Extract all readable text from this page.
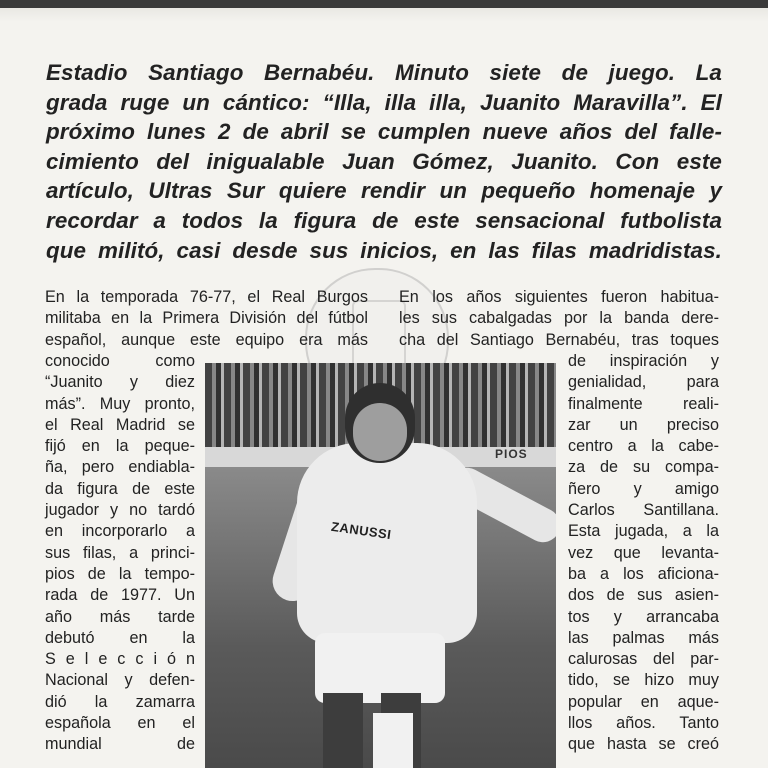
Estadio Santiago Bernabéu. Minuto siete de juego. La
grada ruge un cántico: “Illa, illa illa, Juanito Maravilla”. El
próximo lunes 2 de abril se cumplen nueve años del falle-
cimiento del inigualable Juan Gómez, Juanito. Con este
artículo, Ultras Sur quiere rendir un pequeño homenaje y
recordar a todos la figura de este sensacional futbolista
que militó, casi desde sus inicios, en las filas madridistas.
En la temporada 76-77, el Real Burgos
militaba en la Primera División del fútbol
español, aunque este equipo era más
conocido como
“Juanito y diez
más”. Muy pronto,
el Real Madrid se
fijó en la peque-
ña, pero endiabla-
da figura de este
jugador y no tardó
en incorporarlo a
sus filas, a princi-
pios de la tempo-
rada de 1977. Un
año más tarde
debutó en la
S e l e c c i ó n
Nacional y defen-
dió la zamarra
española en el
mundial de
En los años siguientes fueron habitua-
les sus cabalgadas por la banda dere-
cha del Santiago Bernabéu, tras toques
de inspiración y
genialidad, para
finalmente reali-
zar un preciso
centro a la cabe-
za de su compa-
ñero y amigo
Carlos Santillana.
Esta jugada, a la
vez que levanta-
ba a los aficiona-
dos de sus asien-
tos y arrancaba
las palmas más
calurosas del par-
tido, se hizo muy
popular en aque-
llos años. Tanto
que hasta se creó
PIOS
ZANUSSI
